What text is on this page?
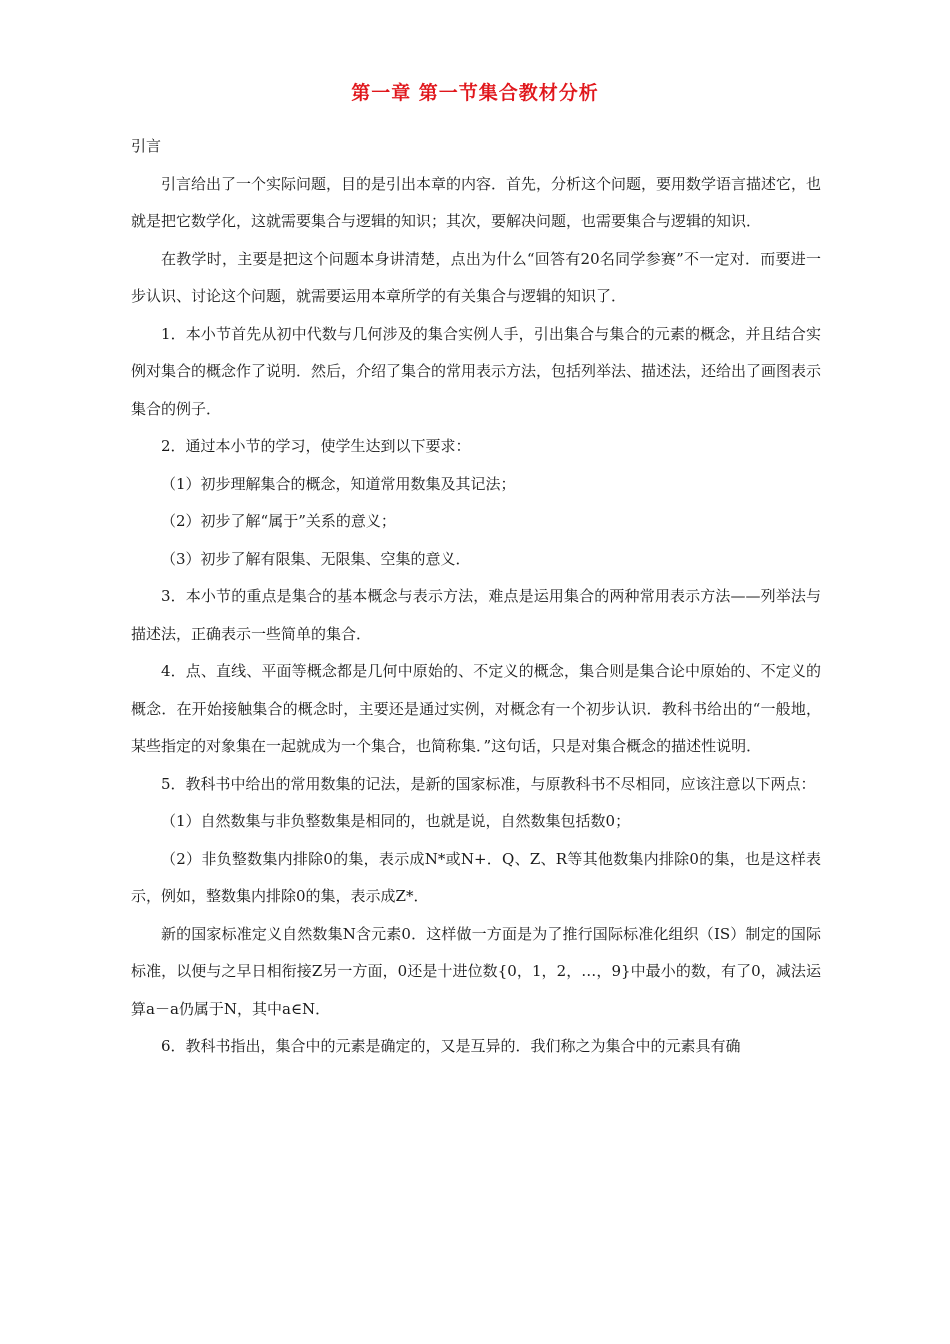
第一章 第一节集合教材分析

引言

引言给出了一个实际问题，目的是引出本章的内容．首先，分析这个问题，要用数学语言描述它，也就是把它数学化，这就需要集合与逻辑的知识；其次，要解决问题，也需要集合与逻辑的知识．

在教学时，主要是把这个问题本身讲清楚，点出为什么“回答有20名同学参赛”不一定对．而要进一步认识、讨论这个问题，就需要运用本章所学的有关集合与逻辑的知识了．

1．本小节首先从初中代数与几何涉及的集合实例人手，引出集合与集合的元素的概念，并且结合实例对集合的概念作了说明．然后，介绍了集合的常用表示方法，包括列举法、描述法，还给出了画图表示集合的例子．

2．通过本小节的学习，使学生达到以下要求：

（1）初步理解集合的概念，知道常用数集及其记法；

（2）初步了解“属于”关系的意义；

（3）初步了解有限集、无限集、空集的意义．

3．本小节的重点是集合的基本概念与表示方法，难点是运用集合的两种常用表示方法——列举法与描述法，正确表示一些简单的集合．

4．点、直线、平面等概念都是几何中原始的、不定义的概念，集合则是集合论中原始的、不定义的概念．在开始接触集合的概念时，主要还是通过实例，对概念有一个初步认识．教科书给出的“一般地，某些指定的对象集在一起就成为一个集合，也简称集．”这句话，只是对集合概念的描述性说明．

5．教科书中给出的常用数集的记法，是新的国家标准，与原教科书不尽相同，应该注意以下两点：

（1）自然数集与非负整数集是相同的，也就是说，自然数集包括数0；

（2）非负整数集内排除0的集，表示成N*或N+．Q、Z、R等其他数集内排除0的集，也是这样表示，例如，整数集内排除0的集，表示成Z*．

新的国家标准定义自然数集N含元素0．这样做一方面是为了推行国际标准化组织（IS）制定的国际标准，以便与之早日相衔接Z另一方面，0还是十进位数{0，1，2，…，9}中最小的数，有了0，减法运算a－a仍属于N，其中a∈N．

6．教科书指出，集合中的元素是确定的，又是互异的．我们称之为集合中的元素具有确
